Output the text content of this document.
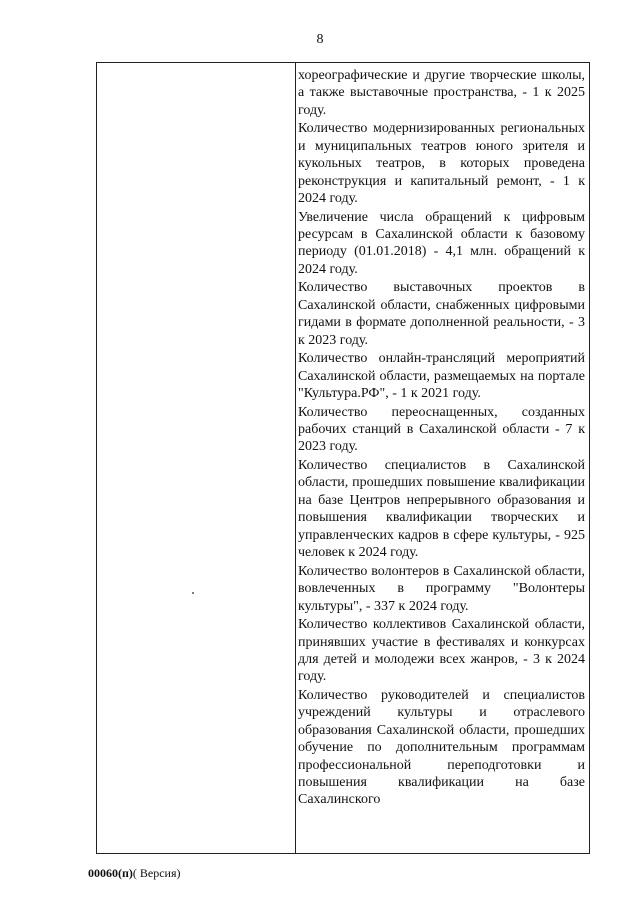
8

хореографические и другие творческие школы, а также выставочные пространства, - 1 к 2025 году.

Количество модернизированных региональных и муниципальных театров юного зрителя и кукольных театров, в которых проведена реконструкция и капитальный ремонт, - 1 к 2024 году.

Увеличение числа обращений к цифровым ресурсам в Сахалинской области к базовому периоду (01.01.2018) - 4,1 млн. обращений к 2024 году.

Количество выставочных проектов в Сахалинской области, снабженных цифровыми гидами в формате дополненной реальности, - 3 к 2023 году.

Количество онлайн-трансляций мероприятий Сахалинской области, размещаемых на портале "Культура.РФ", - 1 к 2021 году.

Количество переоснащенных, созданных рабочих станций в Сахалинской области - 7 к 2023 году.

Количество специалистов в Сахалинской области, прошедших повышение квалификации на базе Центров непрерывного образования и повышения квалификации творческих и управленческих кадров в сфере культуры, - 925 человек к 2024 году.

Количество волонтеров в Сахалинской области, вовлеченных в программу "Волонтеры культуры", - 337 к 2024 году.

Количество коллективов Сахалинской области, принявших участие в фестивалях и конкурсах для детей и молодежи всех жанров, - 3 к 2024 году.

Количество руководителей и специалистов учреждений культуры и отраслевого образования Сахалинской области, прошедших обучение по дополнительным программам профессиональной переподготовки и повышения квалификации на базе Сахалинского

00060(п)( Версия)
